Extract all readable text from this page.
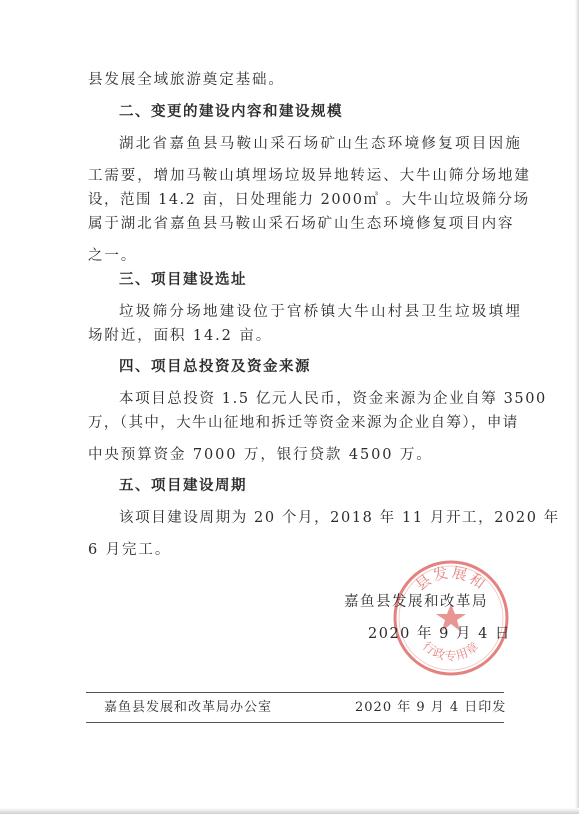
县发展全域旅游奠定基础。
二、变更的建设内容和建设规模
湖北省嘉鱼县马鞍山采石场矿山生态环境修复项目因施
工需要，增加马鞍山填埋场垃圾异地转运、大牛山筛分场地建
设，范围 14.2 亩，日处理能力 2000㎥ 。大牛山垃圾筛分场
属于湖北省嘉鱼县马鞍山采石场矿山生态环境修复项目内容
之一。
三、项目建设选址
垃圾筛分场地建设位于官桥镇大牛山村县卫生垃圾填埋
场附近，面积 14.2 亩。
四、项目总投资及资金来源
本项目总投资 1.5 亿元人民币，资金来源为企业自筹 3500
万，（其中，大牛山征地和拆迁等资金来源为企业自筹），申请
中央预算资金 7000 万，银行贷款 4500 万。
五、项目建设周期
该项目建设周期为 20 个月，2018 年 11 月开工，2020 年
6 月完工。
县发展和
行政专用章
嘉鱼县发展和改革局
2020 年 9 月 4 日
嘉鱼县发展和改革局办公室	2020 年 9 月 4 日印发
